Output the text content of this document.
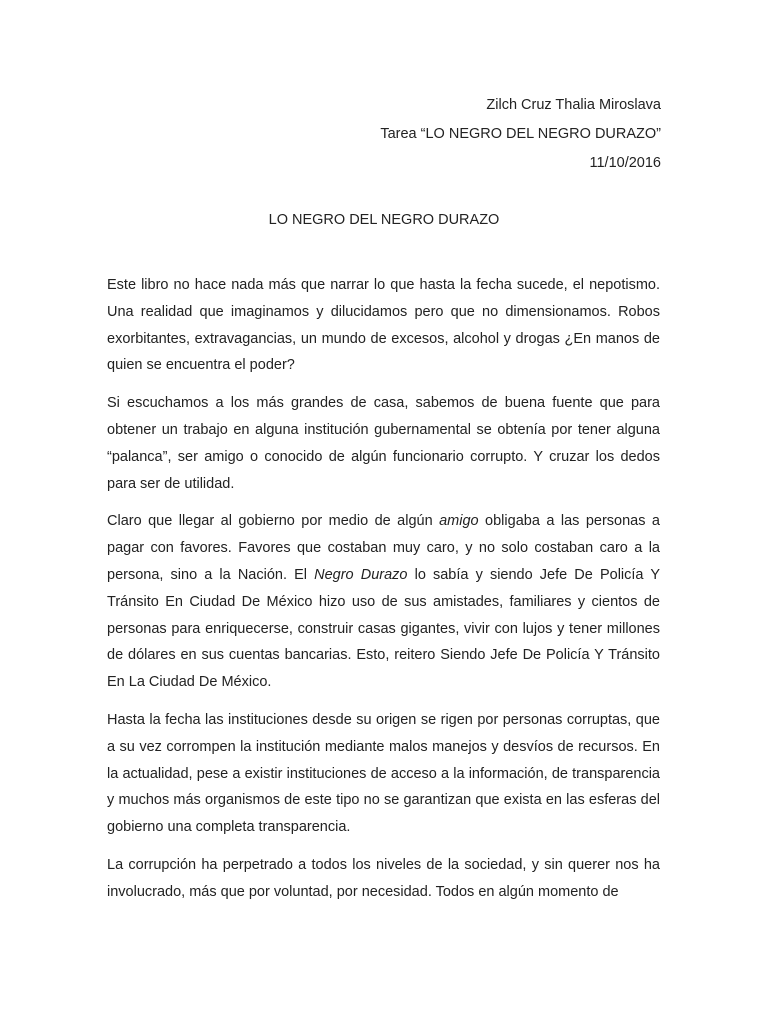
Zilch Cruz Thalia Miroslava
Tarea “LO NEGRO DEL NEGRO DURAZO”
11/10/2016
LO NEGRO DEL NEGRO DURAZO

Este libro no hace nada más que narrar lo que hasta la fecha sucede, el nepotismo. Una realidad que imaginamos y dilucidamos pero que no dimensionamos. Robos exorbitantes, extravagancias, un mundo de excesos, alcohol y drogas ¿En manos de quien se encuentra el poder?

Si escuchamos a los más grandes de casa, sabemos de buena fuente que para obtener un trabajo en alguna institución gubernamental se obtenía por tener alguna “palanca”, ser amigo o conocido de algún funcionario corrupto. Y cruzar los dedos para ser de utilidad.

Claro que llegar al gobierno por medio de algún amigo obligaba a las personas a pagar con favores. Favores que costaban muy caro, y no solo costaban caro a la persona, sino a la Nación. El Negro Durazo lo sabía y siendo Jefe De Policía Y Tránsito En Ciudad De México hizo uso de sus amistades, familiares y cientos de personas para enriquecerse, construir casas gigantes, vivir con lujos y tener millones de dólares en sus cuentas bancarias. Esto, reitero Siendo Jefe De Policía Y Tránsito En La Ciudad De México.

Hasta la fecha las instituciones desde su origen se rigen por personas corruptas, que a su vez corrompen la institución mediante malos manejos y desvíos de recursos. En la actualidad, pese a existir instituciones de acceso a la información, de transparencia y muchos más organismos de este tipo no se garantizan que exista en las esferas del gobierno una completa transparencia.

La corrupción ha perpetrado a todos los niveles de la sociedad, y sin querer nos ha involucrado, más que por voluntad, por necesidad. Todos en algún momento de
